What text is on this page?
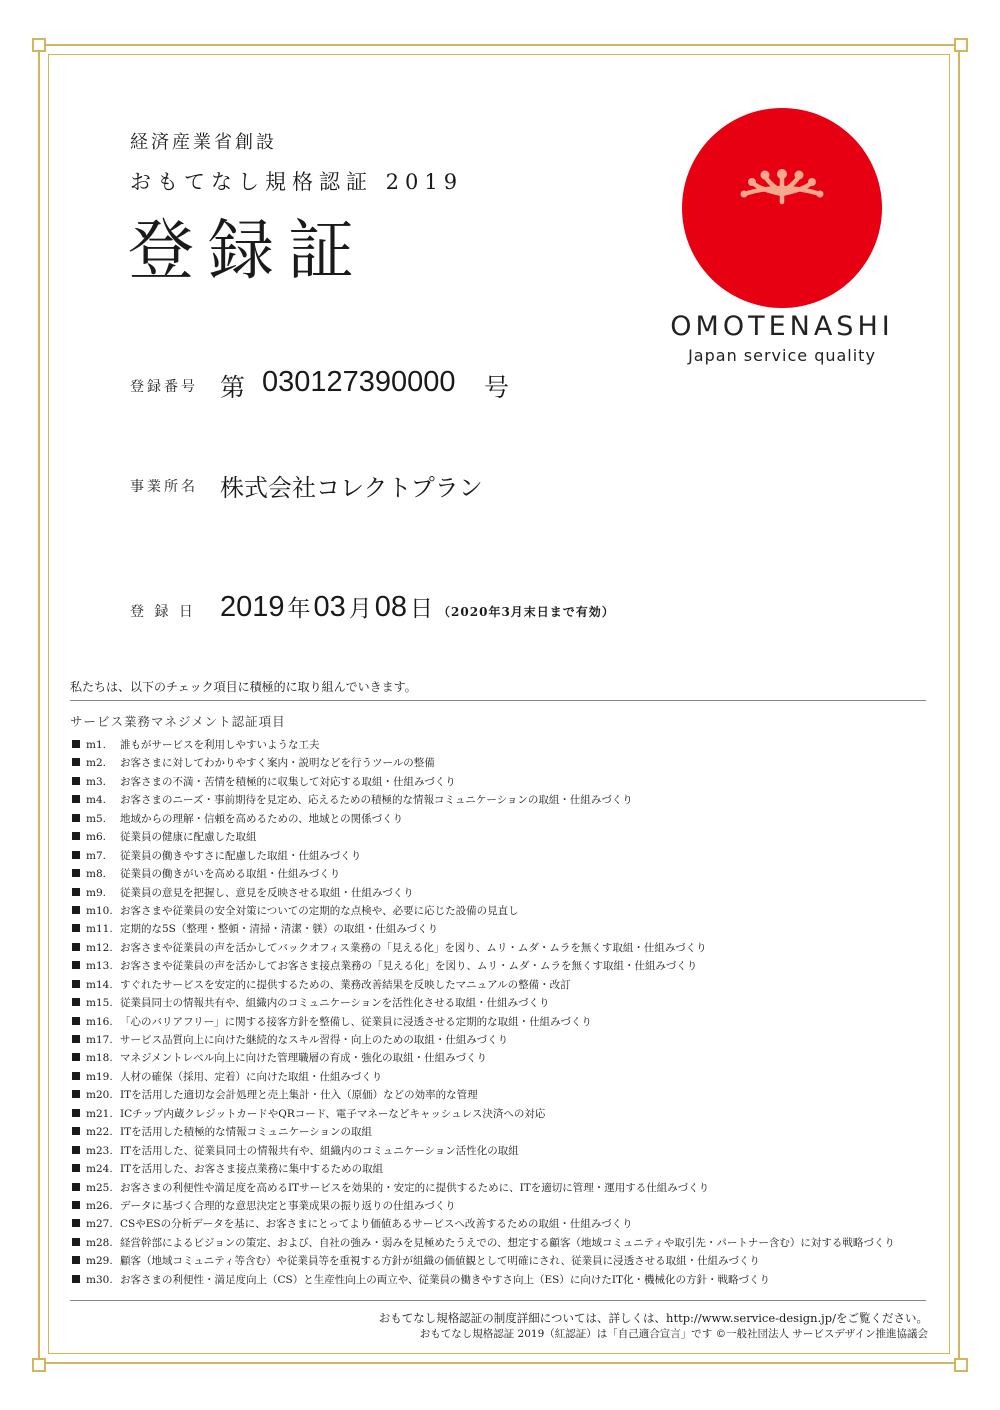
経済産業省創設
おもてなし規格認証 2019
登録証
OMOTENASHI
Japan service quality
登録番号 第 030127390000 号
事業所名 株式会社コレクトプラン
登 録 日 2019 年 03 月 08 日 （2020年3月末日まで有効）
私たちは、以下のチェック項目に積極的に取り組んでいきます。
サービス業務マネジメント認証項目
m1. 誰もがサービスを利用しやすいような工夫
m2. お客さまに対してわかりやすく案内・説明などを行うツールの整備
m3. お客さまの不満・苦情を積極的に収集して対応する取組・仕組みづくり
m4. お客さまのニーズ・事前期待を見定め、応えるための積極的な情報コミュニケーションの取組・仕組みづくり
m5. 地域からの理解・信頼を高めるための、地域との関係づくり
m6. 従業員の健康に配慮した取組
m7. 従業員の働きやすさに配慮した取組・仕組みづくり
m8. 従業員の働きがいを高める取組・仕組みづくり
m9. 従業員の意見を把握し、意見を反映させる取組・仕組みづくり
m10. お客さまや従業員の安全対策についての定期的な点検や、必要に応じた設備の見直し
m11. 定期的な5S（整理・整頓・清掃・清潔・躾）の取組・仕組みづくり
m12. お客さまや従業員の声を活かしてバックオフィス業務の「見える化」を図り、ムリ・ムダ・ムラを無くす取組・仕組みづくり
m13. お客さまや従業員の声を活かしてお客さま接点業務の「見える化」を図り、ムリ・ムダ・ムラを無くす取組・仕組みづくり
m14. すぐれたサービスを安定的に提供するための、業務改善結果を反映したマニュアルの整備・改訂
m15. 従業員同士の情報共有や、組織内のコミュニケーションを活性化させる取組・仕組みづくり
m16. 「心のバリアフリー」に関する接客方針を整備し、従業員に浸透させる定期的な取組・仕組みづくり
m17. サービス品質向上に向けた継続的なスキル習得・向上のための取組・仕組みづくり
m18. マネジメントレベル向上に向けた管理職層の育成・強化の取組・仕組みづくり
m19. 人材の確保（採用、定着）に向けた取組・仕組みづくり
m20. ITを活用した適切な会計処理と売上集計・仕入（原価）などの効率的な管理
m21. ICチップ内蔵クレジットカードやQRコード、電子マネーなどキャッシュレス決済への対応
m22. ITを活用した積極的な情報コミュニケーションの取組
m23. ITを活用した、従業員同士の情報共有や、組織内のコミュニケーション活性化の取組
m24. ITを活用した、お客さま接点業務に集中するための取組
m25. お客さまの利便性や満足度を高めるITサービスを効果的・安定的に提供するために、ITを適切に管理・運用する仕組みづくり
m26. データに基づく合理的な意思決定と事業成果の振り返りの仕組みづくり
m27. CSやESの分析データを基に、お客さまにとってより価値あるサービスへ改善するための取組・仕組みづくり
m28. 経営幹部によるビジョンの策定、および、自社の強み・弱みを見極めたうえでの、想定する顧客（地域コミュニティや取引先・パートナー含む）に対する戦略づくり
m29. 顧客（地域コミュニティ等含む）や従業員等を重視する方針が組織の価値観として明確にされ、従業員に浸透させる取組・仕組みづくり
m30. お客さまの利便性・満足度向上（CS）と生産性向上の両立や、従業員の働きやすさ向上（ES）に向けたIT化・機械化の方針・戦略づくり
おもてなし規格認証の制度詳細については、詳しくは、http://www.service-design.jp/をご覧ください。
おもてなし規格認証 2019（紅認証）は「自己適合宣言」です ©一般社団法人 サービスデザイン推進協議会
